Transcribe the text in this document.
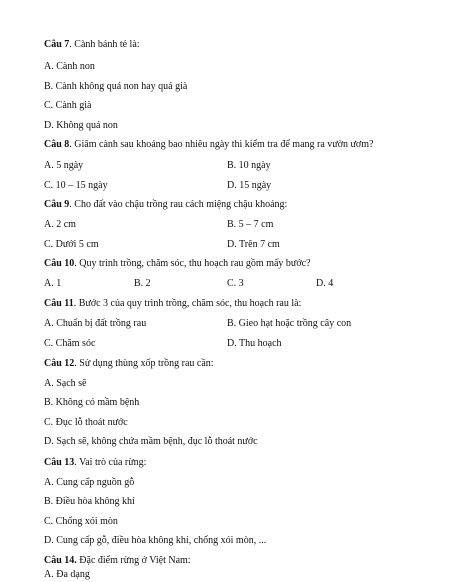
Câu 7. Cành bánh tẻ là:
A. Cành non
B. Cành không quá non hay quá già
C. Cành già
D. Không quá non
Câu 8. Giâm cành sau khoảng bao nhiêu ngày thì kiểm tra để mang ra vườn ươm?
A. 5 ngày	B. 10 ngày
C. 10 – 15 ngày	D. 15 ngày
Câu 9. Cho đất vào chậu trồng rau cách miệng chậu khoảng:
A. 2 cm	B. 5 – 7 cm
C. Dưới 5 cm	D. Trên 7 cm
Câu 10. Quy trình trồng, chăm sóc, thu hoạch rau gồm mấy bước?
A. 1	B. 2	C. 3	D. 4
Câu 11. Bước 3 của quy trình trồng, chăm sóc, thu hoạch rau là:
A. Chuẩn bị đất trồng rau	B. Gieo hạt hoặc trồng cây con
C. Chăm sóc	D. Thu hoạch
Câu 12. Sử dụng thùng xốp trồng rau cần:
A. Sạch sẽ
B. Không có mầm bệnh
C. Đục lỗ thoát nước
D. Sạch sẽ, không chứa mầm bệnh, đục lỗ thoát nước
Câu 13. Vai trò của rừng:
A. Cung cấp nguồn gỗ
B. Điều hòa không khí
C. Chống xói mòn
D. Cung cấp gỗ, điều hòa không khí, chống xói mòn, ...
Câu 14. Đặc điểm rừng ở Việt Nam:
A. Đa dạng
